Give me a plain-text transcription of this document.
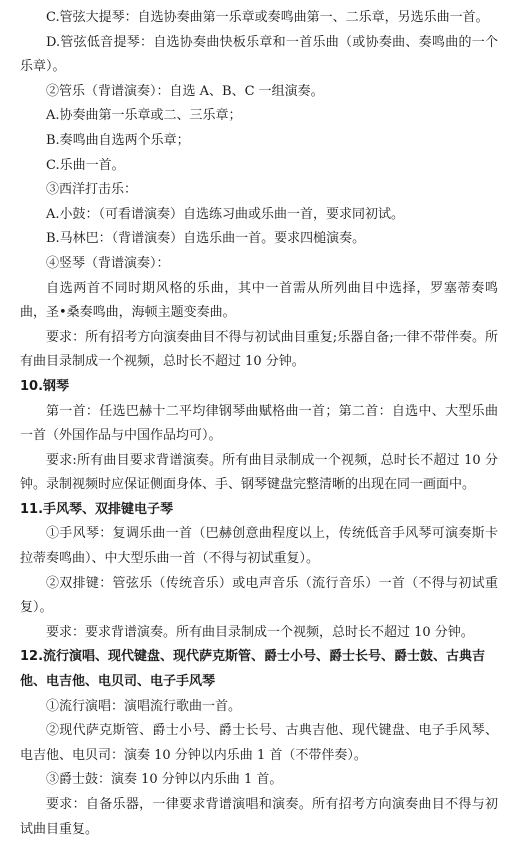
C.管弦大提琴：自选协奏曲第一乐章或奏鸣曲第一、二乐章，另选乐曲一首。
D.管弦低音提琴：自选协奏曲快板乐章和一首乐曲（或协奏曲、奏鸣曲的一个乐章）。
②管乐（背谱演奏）：自选 A、B、C 一组演奏。
A.协奏曲第一乐章或二、三乐章；
B.奏鸣曲自选两个乐章；
C.乐曲一首。
③西洋打击乐：
A.小鼓：（可看谱演奏）自选练习曲或乐曲一首，要求同初试。
B.马林巴：（背谱演奏）自选乐曲一首。要求四槌演奏。
④竖琴（背谱演奏）：
自选两首不同时期风格的乐曲，其中一首需从所列曲目中选择，罗塞蒂奏鸣曲，圣•桑奏鸣曲，海顿主题变奏曲。
要求：所有招考方向演奏曲目不得与初试曲目重复;乐器自备;一律不带伴奏。所有曲目录制成一个视频，总时长不超过 10 分钟。
10.钢琴
第一首：任选巴赫十二平均律钢琴曲赋格曲一首；第二首：自选中、大型乐曲一首（外国作品与中国作品均可）。
要求:所有曲目要求背谱演奏。所有曲目录制成一个视频，总时长不超过 10 分钟。录制视频时应保证侧面身体、手、钢琴键盘完整清晰的出现在同一画面中。
11.手风琴、双排键电子琴
①手风琴：复调乐曲一首（巴赫创意曲程度以上，传统低音手风琴可演奏斯卡拉蒂奏鸣曲）、中大型乐曲一首（不得与初试重复）。
②双排键：管弦乐（传统音乐）或电声音乐（流行音乐）一首（不得与初试重复）。
要求：要求背谱演奏。所有曲目录制成一个视频，总时长不超过 10 分钟。
12.流行演唱、现代键盘、现代萨克斯管、爵士小号、爵士长号、爵士鼓、古典吉他、电吉他、电贝司、电子手风琴
①流行演唱：演唱流行歌曲一首。
②现代萨克斯管、爵士小号、爵士长号、古典吉他、现代键盘、电子手风琴、电吉他、电贝司：演奏 10 分钟以内乐曲 1 首（不带伴奏）。
③爵士鼓：演奏 10 分钟以内乐曲 1 首。
要求：自备乐器，一律要求背谱演唱和演奏。所有招考方向演奏曲目不得与初试曲目重复。
